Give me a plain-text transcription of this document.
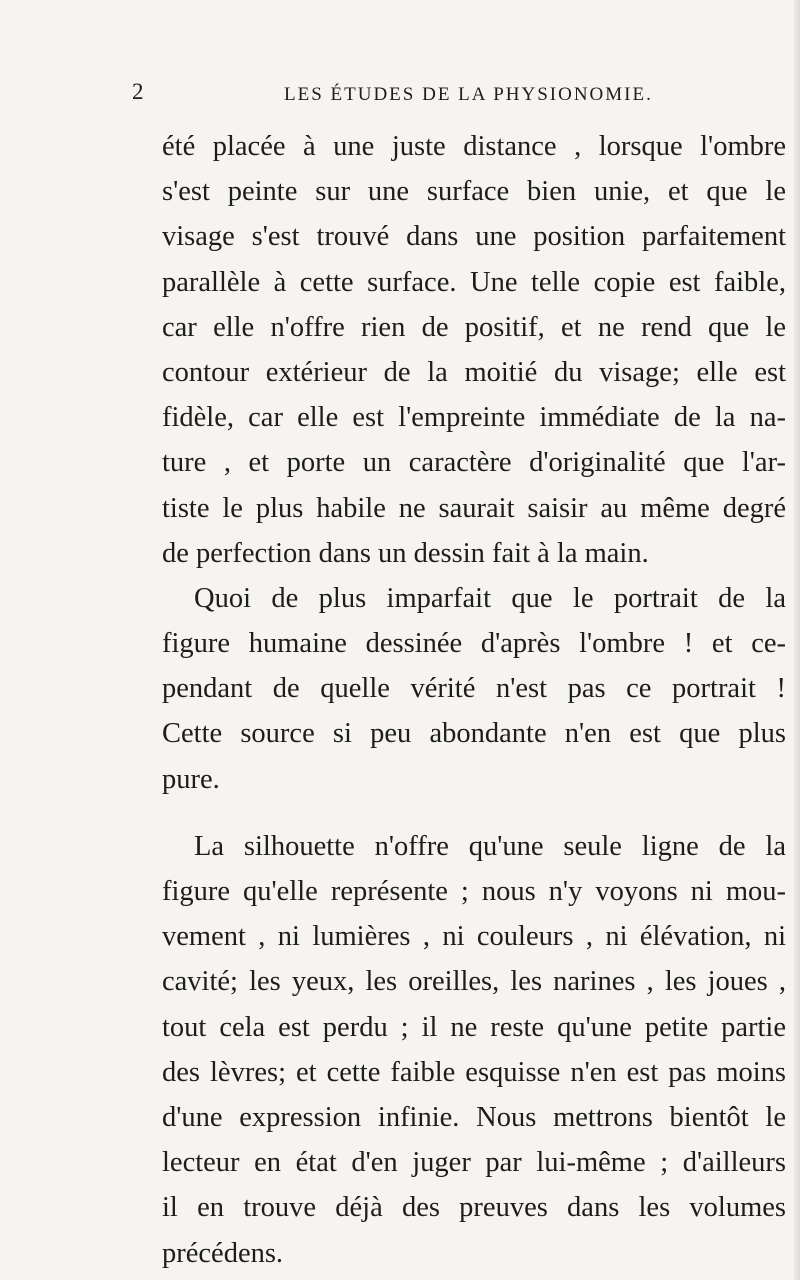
2	LES ÉTUDES DE LA PHYSIONOMIE.
été placée à une juste distance , lorsque l'ombre
s'est peinte sur une surface bien unie, et que le
visage s'est trouvé dans une position parfaitement
parallèle à cette surface. Une telle copie est faible,
car elle n'offre rien de positif, et ne rend que le
contour extérieur de la moitié du visage; elle est
fidèle, car elle est l'empreinte immédiate de la na-
ture , et porte un caractère d'originalité que l'ar-
tiste le plus habile ne saurait saisir au même degré
de perfection dans un dessin fait à la main.
Quoi de plus imparfait que le portrait de la
figure humaine dessinée d'après l'ombre ! et ce-
pendant de quelle vérité n'est pas ce portrait !
Cette source si peu abondante n'en est que plus
pure.
La silhouette n'offre qu'une seule ligne de la
figure qu'elle représente ; nous n'y voyons ni mou-
vement , ni lumières , ni couleurs , ni élévation, ni
cavité; les yeux, les oreilles, les narines , les joues ,
tout cela est perdu ; il ne reste qu'une petite partie
des lèvres; et cette faible esquisse n'en est pas moins
d'une expression infinie. Nous mettrons bientôt le
lecteur en état d'en juger par lui-même ; d'ailleurs
il en trouve déjà des preuves dans les volumes
précédens.
